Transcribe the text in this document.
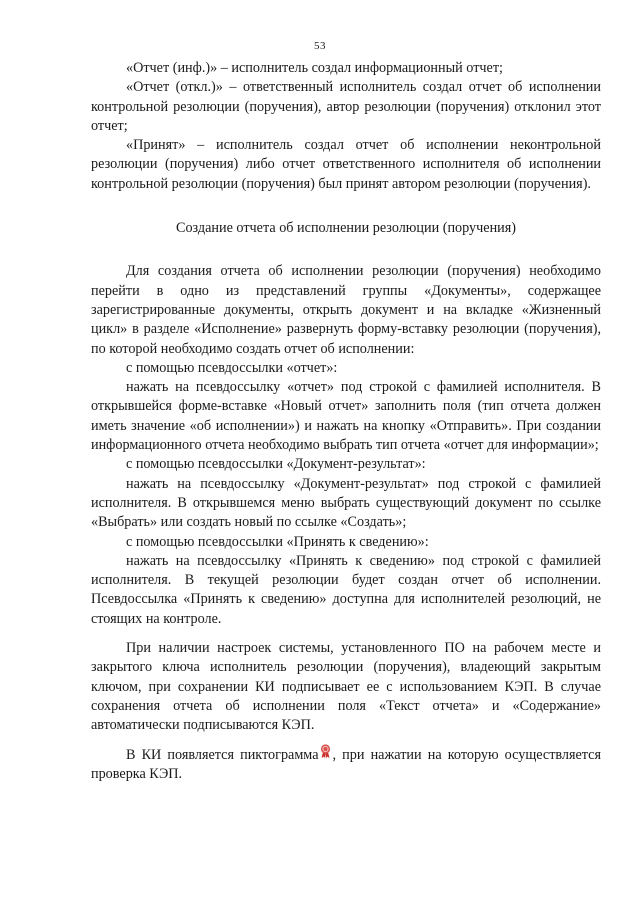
53

«Отчет (инф.)» – исполнитель создал информационный отчет;

«Отчет (откл.)» – ответственный исполнитель создал отчет об исполнении контрольной резолюции (поручения), автор резолюции (поручения) отклонил этот отчет;

«Принят» – исполнитель создал отчет об исполнении неконтрольной резолюции (поручения) либо отчет ответственного исполнителя об исполнении контрольной резолюции (поручения) был принят автором резолюции (поручения).

Создание отчета об исполнении резолюции (поручения)

Для создания отчета об исполнении резолюции (поручения) необходимо перейти в одно из представлений группы «Документы», содержащее зарегистрированные документы, открыть документ и на вкладке «Жизненный цикл» в разделе «Исполнение» развернуть форму-вставку резолюции (поручения), по которой необходимо создать отчет об исполнении:

с помощью псевдоссылки «отчет»:

нажать на псевдоссылку «отчет» под строкой с фамилией исполнителя. В открывшейся форме-вставке «Новый отчет» заполнить поля (тип отчета должен иметь значение «об исполнении») и нажать на кнопку «Отправить». При создании информационного отчета необходимо выбрать тип отчета «отчет для информации»;

с помощью псевдоссылки «Документ-результат»:

нажать на псевдоссылку «Документ-результат» под строкой с фамилией исполнителя. В открывшемся меню выбрать существующий документ по ссылке «Выбрать» или создать новый по ссылке «Создать»;

с помощью псевдоссылки «Принять к сведению»:

нажать на псевдоссылку «Принять к сведению» под строкой с фамилией исполнителя. В текущей резолюции будет создан отчет об исполнении. Псевдоссылка «Принять к сведению» доступна для исполнителей резолюций, не стоящих на контроле.

При наличии настроек системы, установленного ПО на рабочем месте и закрытого ключа исполнитель резолюции (поручения), владеющий закрытым ключом, при сохранении КИ подписывает ее с использованием КЭП. В случае сохранения отчета об исполнении поля «Текст отчета» и «Содержание» автоматически подписываются КЭП.

В КИ появляется пиктограмма , при нажатии на которую осуществляется проверка КЭП.
